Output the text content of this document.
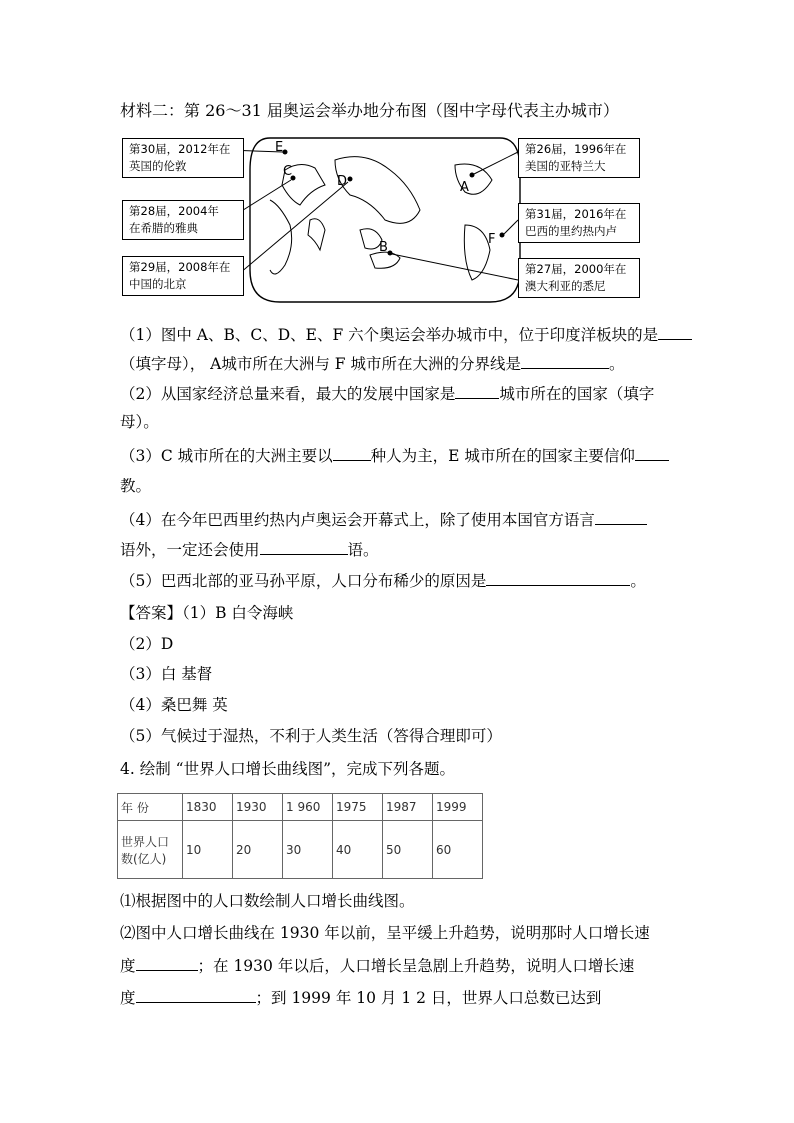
材料二：第 26～31 届奥运会举办地分布图（图中字母代表主办城市）
第30届，2012年在
英国的伦敦
第28届，2004年
在希腊的雅典
第29届，2008年在
中国的北京
第26届，1996年在
美国的亚特兰大
第31届，2016年在
巴西的里约热内卢
第27届，2000年在
澳大利亚的悉尼
E
C
D	A
B
F
（1）图中 A、B、C、D、E、F 六个奥运会举办城市中，位于印度洋板块的是
（填字母）， A城市所在大洲与 F 城市所在大洲的分界线是	。
（2）从国家经济总量来看，最大的发展中国家是	城市所在的国家（填字
母）。
（3）C 城市所在的大洲主要以 种人为主，E 城市所在的国家主要信仰
教。
（4）在今年巴西里约热内卢奥运会开幕式上，除了使用本国官方语言
语外，一定还会使用	语。
（5）巴西北部的亚马孙平原，人口分布稀少的原因是	。
【答案】（1）B 白令海峡
（2）D
（3）白 基督
（4）桑巴舞 英
（5）气候过于湿热，不利于人类生活（答得合理即可）
4. 绘制 “世界人口增长曲线图”，完成下列各题。
年 份	1830	1930	1 960	1975	1987	1999

世界人口
数(亿人)	10	20	30	40	50	60
⑴根据图中的人口数绘制人口增长曲线图。
⑵图中人口增长曲线在 1930 年以前，呈平缓上升趋势，说明那时人口增长速
度	；在 1930 年以后，人口增长呈急剧上升趋势，说明人口增长速
度	；到 1999 年 10 月 1 2 日，世界人口总数已达到
